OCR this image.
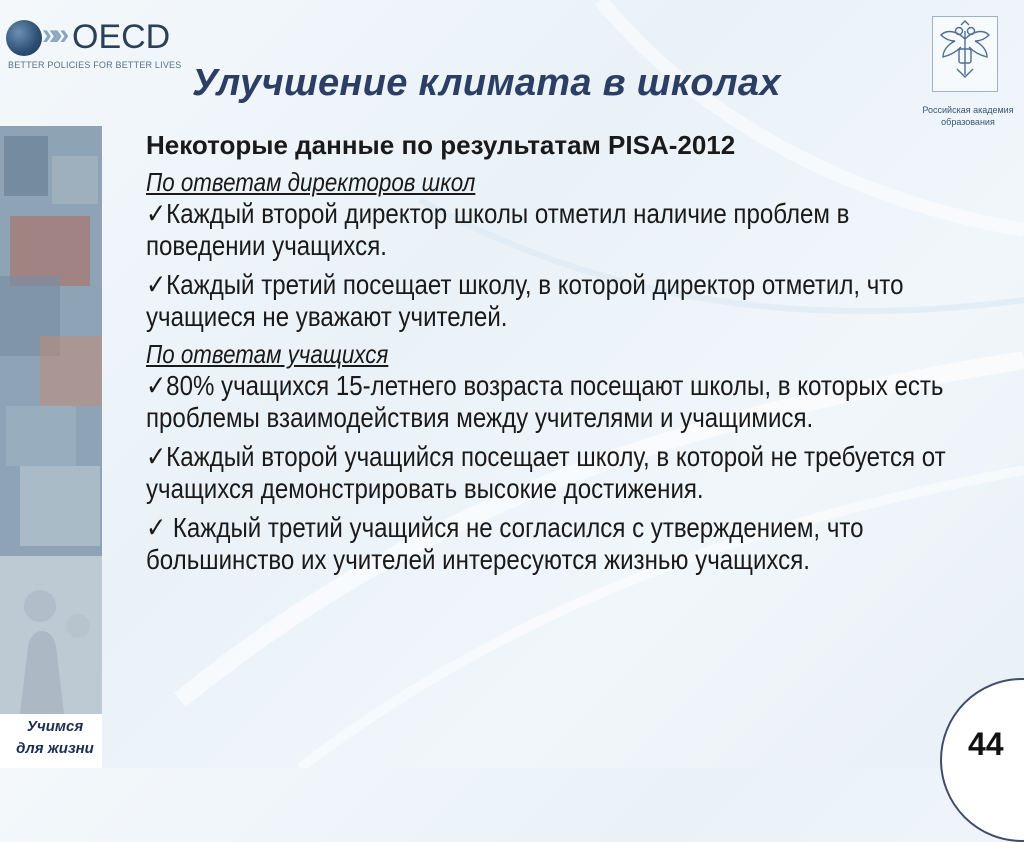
»» OECD
BETTER POLICIES FOR BETTER LIVES
Российская академия образования
Улучшение климата в школах
Учимся
для жизни
Некоторые данные по результатам PISA-2012
По ответам директоров школ
✓Каждый второй директор школы отметил наличие проблем в поведении учащихся.
✓Каждый третий посещает школу, в которой директор отметил, что учащиеся не уважают учителей.
По ответам учащихся
✓80% учащихся 15-летнего возраста посещают школы, в которых есть проблемы взаимодействия между учителями и учащимися.
✓Каждый второй учащийся посещает школу, в которой не требуется от учащихся демонстрировать высокие достижения.
✓ Каждый третий учащийся не согласился с утверждением, что большинство их учителей интересуются жизнью учащихся.
44
